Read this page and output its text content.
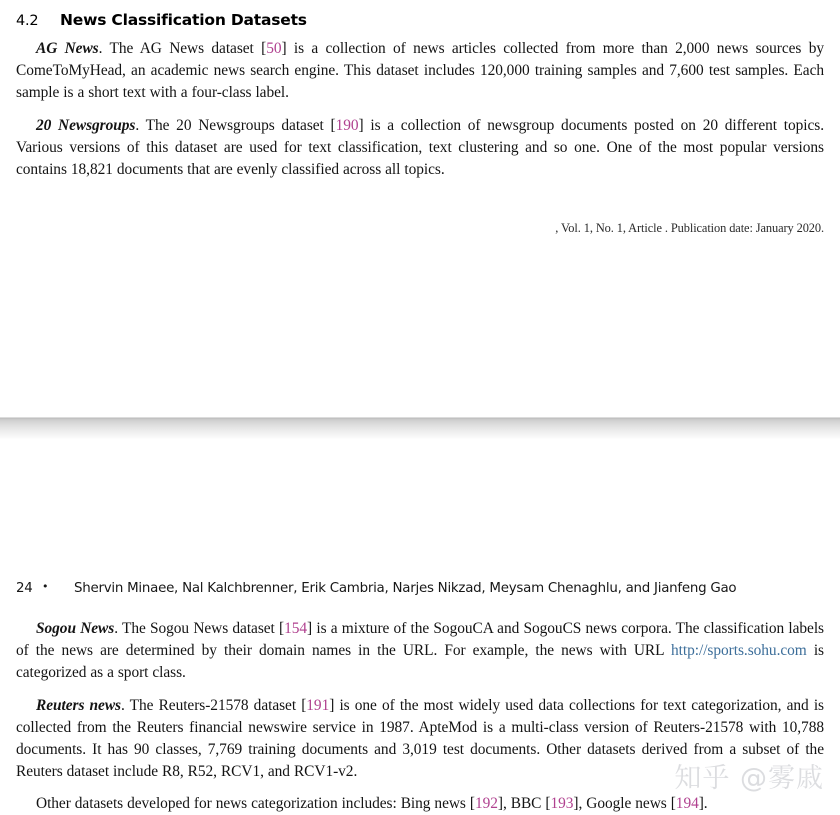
4.2	News Classification Datasets

AG News. The AG News dataset [50] is a collection of news articles collected from more than 2,000 news sources by ComeToMyHead, an academic news search engine. This dataset includes 120,000 training samples and 7,600 test samples. Each sample is a short text with a four-class label.

20 Newsgroups. The 20 Newsgroups dataset [190] is a collection of newsgroup documents posted on 20 different topics. Various versions of this dataset are used for text classification, text clustering and so one. One of the most popular versions contains 18,821 documents that are evenly classified across all topics.

, Vol. 1, No. 1, Article . Publication date: January 2020.

24 •	Shervin Minaee, Nal Kalchbrenner, Erik Cambria, Narjes Nikzad, Meysam Chenaghlu, and Jianfeng Gao

Sogou News. The Sogou News dataset [154] is a mixture of the SogouCA and SogouCS news corpora. The classification labels of the news are determined by their domain names in the URL. For example, the news with URL http://sports.sohu.com is categorized as a sport class.

Reuters news. The Reuters-21578 dataset [191] is one of the most widely used data collections for text categorization, and is collected from the Reuters financial newswire service in 1987. ApteMod is a multi-class version of Reuters-21578 with 10,788 documents. It has 90 classes, 7,769 training documents and 3,019 test documents. Other datasets derived from a subset of the Reuters dataset include R8, R52, RCV1, and RCV1-v2.

Other datasets developed for news categorization includes: Bing news [192], BBC [193], Google news [194].

知乎 @雾戚
